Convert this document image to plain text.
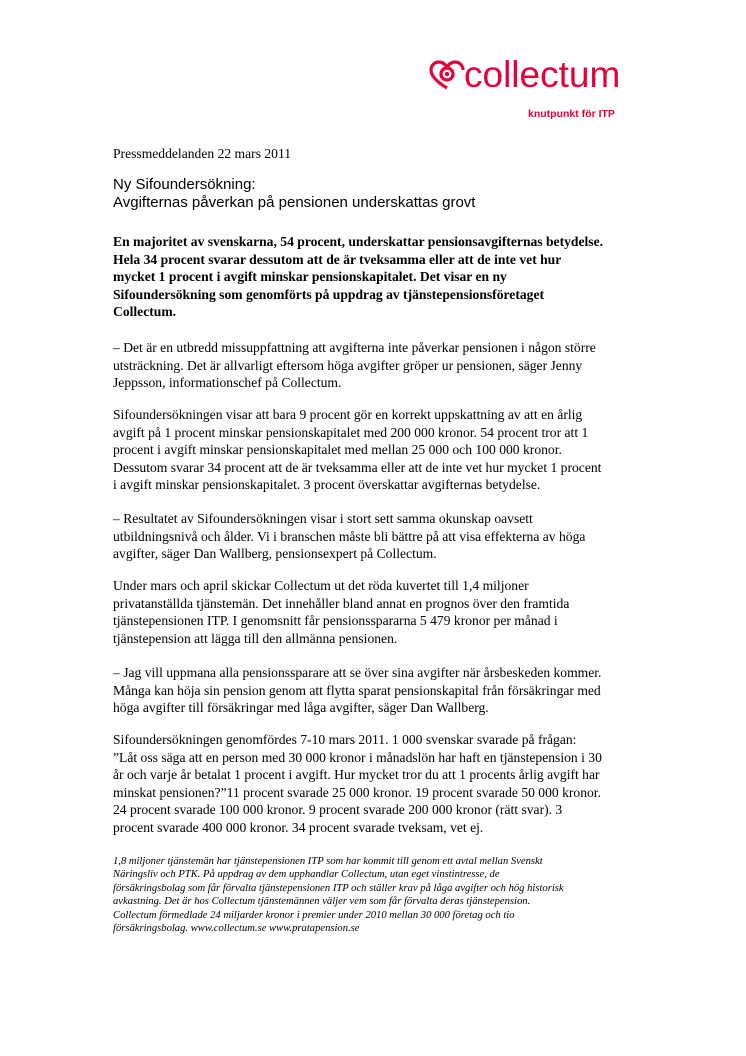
collectum
knutpunkt för ITP
Pressmeddelanden 22 mars 2011
Ny Sifoundersökning:
Avgifternas påverkan på pensionen underskattas grovt
En majoritet av svenskarna, 54 procent, underskattar pensionsavgifternas betydelse.
Hela 34 procent svarar dessutom att de är tveksamma eller att de inte vet hur
mycket 1 procent i avgift minskar pensionskapitalet. Det visar en ny
Sifoundersökning som genomförts på uppdrag av tjänstepensionsföretaget
Collectum.
– Det är en utbredd missuppfattning att avgifterna inte påverkar pensionen i någon större
utsträckning. Det är allvarligt eftersom höga avgifter gröper ur pensionen, säger Jenny
Jeppsson, informationschef på Collectum.
Sifoundersökningen visar att bara 9 procent gör en korrekt uppskattning av att en årlig
avgift på 1 procent minskar pensionskapitalet med 200 000 kronor. 54 procent tror att 1
procent i avgift minskar pensionskapitalet med mellan 25 000 och 100 000 kronor.
Dessutom svarar 34 procent att de är tveksamma eller att de inte vet hur mycket 1 procent
i avgift minskar pensionskapitalet. 3 procent överskattar avgifternas betydelse.
– Resultatet av Sifoundersökningen visar i stort sett samma okunskap oavsett
utbildningsnivå och ålder. Vi i branschen måste bli bättre på att visa effekterna av höga
avgifter, säger Dan Wallberg, pensionsexpert på Collectum.
Under mars och april skickar Collectum ut det röda kuvertet till 1,4 miljoner
privatanställda tjänstemän. Det innehåller bland annat en prognos över den framtida
tjänstepensionen ITP. I genomsnitt får pensionsspararna 5 479 kronor per månad i
tjänstepension att lägga till den allmänna pensionen.
– Jag vill uppmana alla pensionssparare att se över sina avgifter när årsbeskeden kommer.
Många kan höja sin pension genom att flytta sparat pensionskapital från försäkringar med
höga avgifter till försäkringar med låga avgifter, säger Dan Wallberg.
Sifoundersökningen genomfördes 7-10 mars 2011. 1 000 svenskar svarade på frågan:
”Låt oss säga att en person med 30 000 kronor i månadslön har haft en tjänstepension i 30
år och varje år betalat 1 procent i avgift. Hur mycket tror du att 1 procents årlig avgift har
minskat pensionen?”11 procent svarade 25 000 kronor. 19 procent svarade 50 000 kronor.
24 procent svarade 100 000 kronor. 9 procent svarade 200 000 kronor (rätt svar). 3
procent svarade 400 000 kronor. 34 procent svarade tveksam, vet ej.
1,8 miljoner tjänstemän har tjänstepensionen ITP som har kommit till genom ett avtal mellan Svenskt
Näringsliv och PTK. På uppdrag av dem upphandlar Collectum, utan eget vinstintresse, de
försäkringsbolag som får förvalta tjänstepensionen ITP och ställer krav på låga avgifter och hög historisk
avkastning. Det är hos Collectum tjänstemännen väljer vem som får förvalta deras tjänstepension.
Collectum förmedlade 24 miljarder kronor i premier under 2010 mellan 30 000 företag och tio
försäkringsbolag. www.collectum.se www.pratapension.se
